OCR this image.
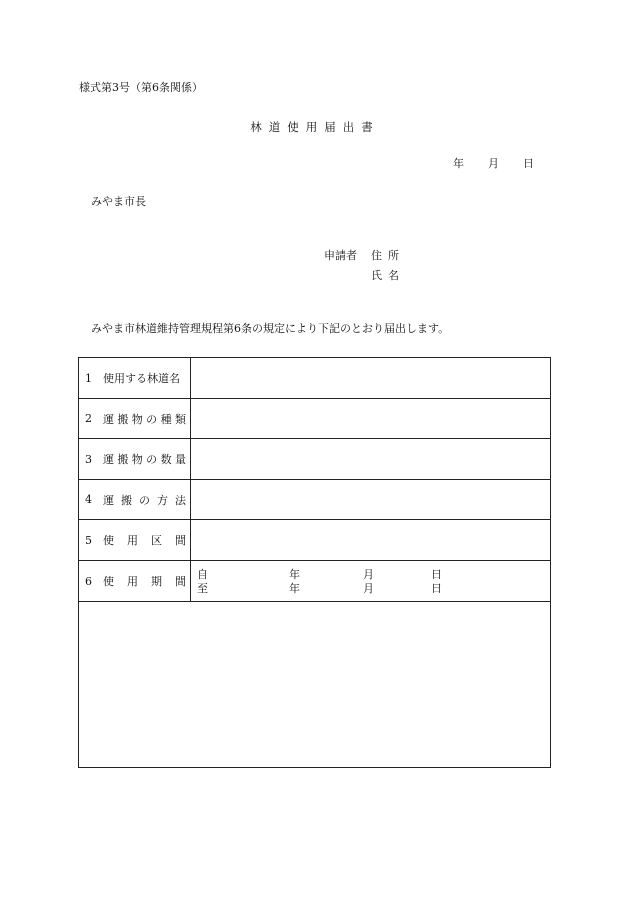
様式第3号（第6条関係）
林道使用届出書
年 月 日
みやま市長
申請者 住所
氏名
みやま市林道維持管理規程第6条の規定により下記のとおり届出します。
1 使用する林道名
2 運 搬 物 の 種 類
3 運 搬 物 の 数 量
4 運 搬 の 方 法
5 使 用 区 間
6 使 用 期 間
自	年	月	日
至	年	月	日
